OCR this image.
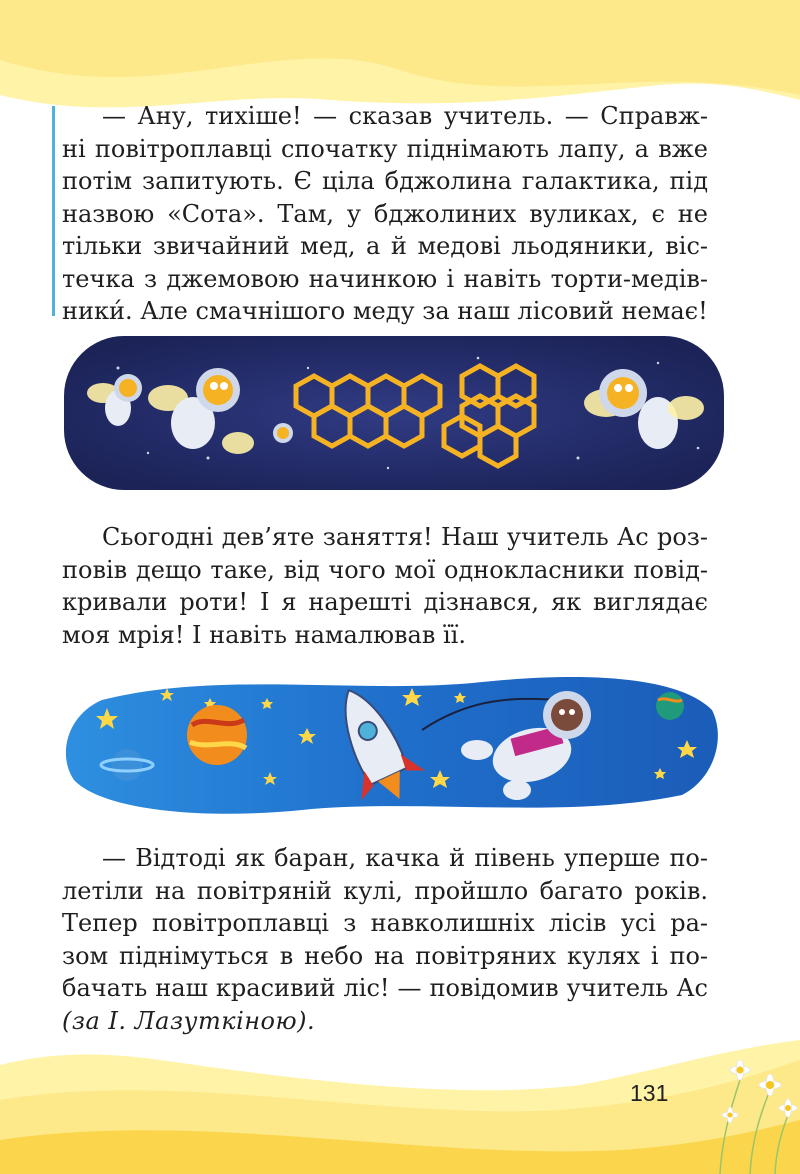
— Ану, тихіше! — сказав учитель. — Справж-
ні повітроплавці спочатку піднімають лапу, а вже
потім запитують. Є ціла бджолина галактика, під
назвою «Сота». Там, у бджолиних вуликах, є не
тільки звичайний мед, а й медові льодяники, віс-
течка з джемовою начинкою і навіть торти-медів-
ники́. Але смачнішого меду за наш лісовий немає!

Сьогодні дев’яте заняття! Наш учитель Ас роз-
повів дещо таке, від чого мої однокласники повід-
кривали роти! І я нарешті дізнався, як виглядає
моя мрія! І навіть намалював її.

— Відтоді як баран, качка й півень уперше по-
летіли на повітряній кулі, пройшло багато років.
Тепер повітроплавці з навколишніх лісів усі ра-
зом піднімуться в небо на повітряних кулях і по-
бачать наш красивий ліс! — повідомив учитель Ас
(за І. Лазуткіною).

131
